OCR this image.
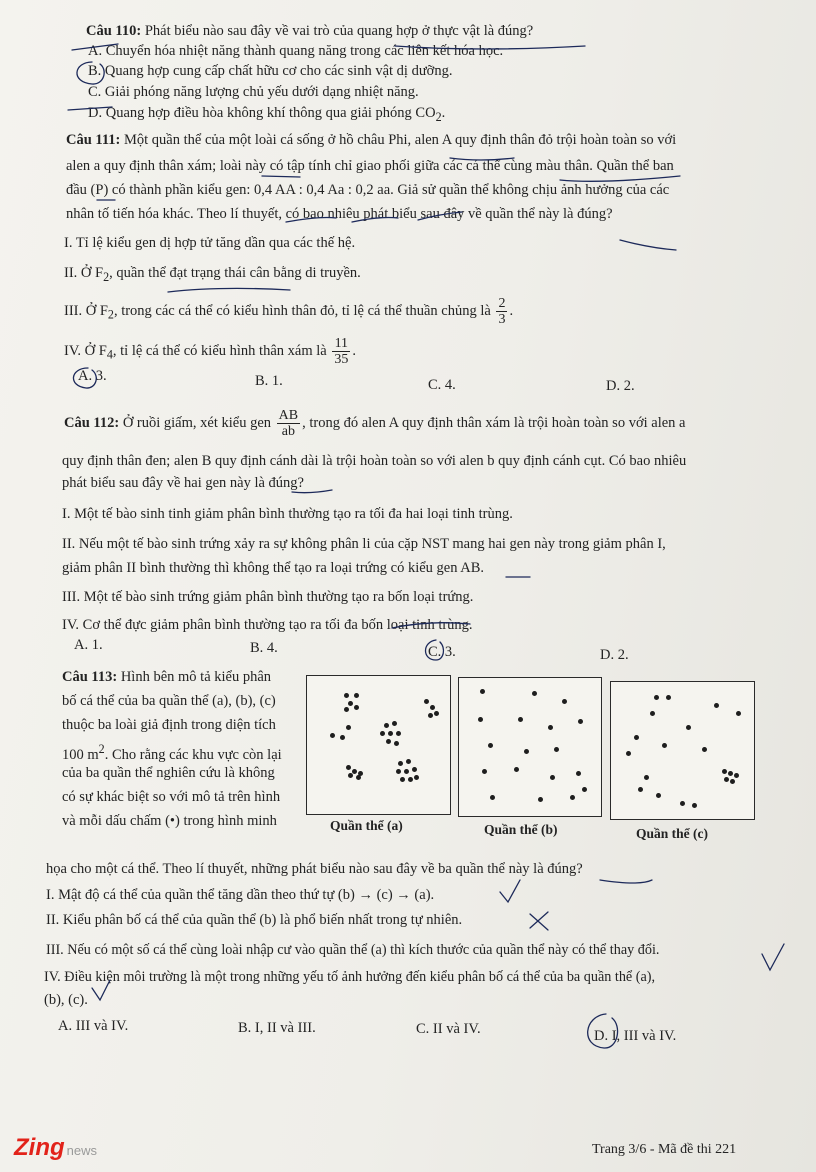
Câu 110: Phát biểu nào sau đây về vai trò của quang hợp ở thực vật là đúng?
A. Chuyển hóa nhiệt năng thành quang năng trong các liên kết hóa học.
B. Quang hợp cung cấp chất hữu cơ cho các sinh vật dị dưỡng.
C. Giải phóng năng lượng chủ yếu dưới dạng nhiệt năng.
D. Quang hợp điều hòa không khí thông qua giải phóng $CO_2$.
Câu 111: Một quần thể của một loài cá sống ở hồ châu Phi, alen A quy định thân đỏ trội hoàn toàn so với
alen a quy định thân xám; loài này có tập tính chỉ giao phối giữa các cá thể cùng màu thân. Quần thể ban
đầu (P) có thành phần kiểu gen: 0,4 AA : 0,4 Aa : 0,2 aa. Giả sử quần thể không chịu ảnh hưởng của các
nhân tố tiến hóa khác. Theo lí thuyết, có bao nhiêu phát biểu sau đây về quần thể này là đúng?
I. Tỉ lệ kiểu gen dị hợp tử tăng dần qua các thế hệ.
II. Ở $F_2$, quần thể đạt trạng thái cân bằng di truyền.
III. Ở $F_2$, trong các cá thể có kiểu hình thân đỏ, tỉ lệ cá thể thuần chủng là $\frac{2}{3}$ .
IV. Ở $F_4$, tỉ lệ cá thể có kiểu hình thân xám là $\frac{11}{35}$ .
A. 3.	B. 1.	C. 4.	D. 2.
Câu 112: Ở ruồi giấm, xét kiểu gen $\frac{AB}{ab}$ , trong đó alen A quy định thân xám là trội hoàn toàn so với alen a
quy định thân đen; alen B quy định cánh dài là trội hoàn toàn so với alen b quy định cánh cụt. Có bao nhiêu
phát biểu sau đây về hai gen này là đúng?
I. Một tế bào sinh tinh giảm phân bình thường tạo ra tối đa hai loại tinh trùng.
II. Nếu một tế bào sinh trứng xảy ra sự không phân li của cặp NST mang hai gen này trong giảm phân I,
giảm phân II bình thường thì không thể tạo ra loại trứng có kiểu gen AB.
III. Một tế bào sinh trứng giảm phân bình thường tạo ra bốn loại trứng.
IV. Cơ thể đực giảm phân bình thường tạo ra tối đa bốn loại tinh trùng.
A. 1.	B. 4.	C. 3.	D. 2.
Câu 113: Hình bên mô tả kiểu phân
bố cá thể của ba quần thể (a), (b), (c)
thuộc ba loài giả định trong diện tích
100 $m^2$. Cho rằng các khu vực còn lại
của ba quần thể nghiên cứu là không
có sự khác biệt so với mô tả trên hình
và mỗi dấu chấm (•) trong hình minh	Quần thể (a)	Quần thể (b)	Quần thể (c)
họa cho một cá thể. Theo lí thuyết, những phát biểu nào sau đây về ba quần thể này là đúng?
I. Mật độ cá thể của quần thể tăng dần theo thứ tự (b) → (c) → (a).
II. Kiểu phân bố cá thể của quần thể (b) là phổ biến nhất trong tự nhiên.
III. Nếu có một số cá thể cùng loài nhập cư vào quần thể (a) thì kích thước của quần thể này có thể thay đổi.
IV. Điều kiện môi trường là một trong những yếu tố ảnh hưởng đến kiểu phân bố cá thể của ba quần thể (a),
(b), (c).
A. III và IV.	B. I, II và III.	C. II và IV.	D. I, III và IV.
Trang 3/6 - Mã đề thi 221
Zing news
